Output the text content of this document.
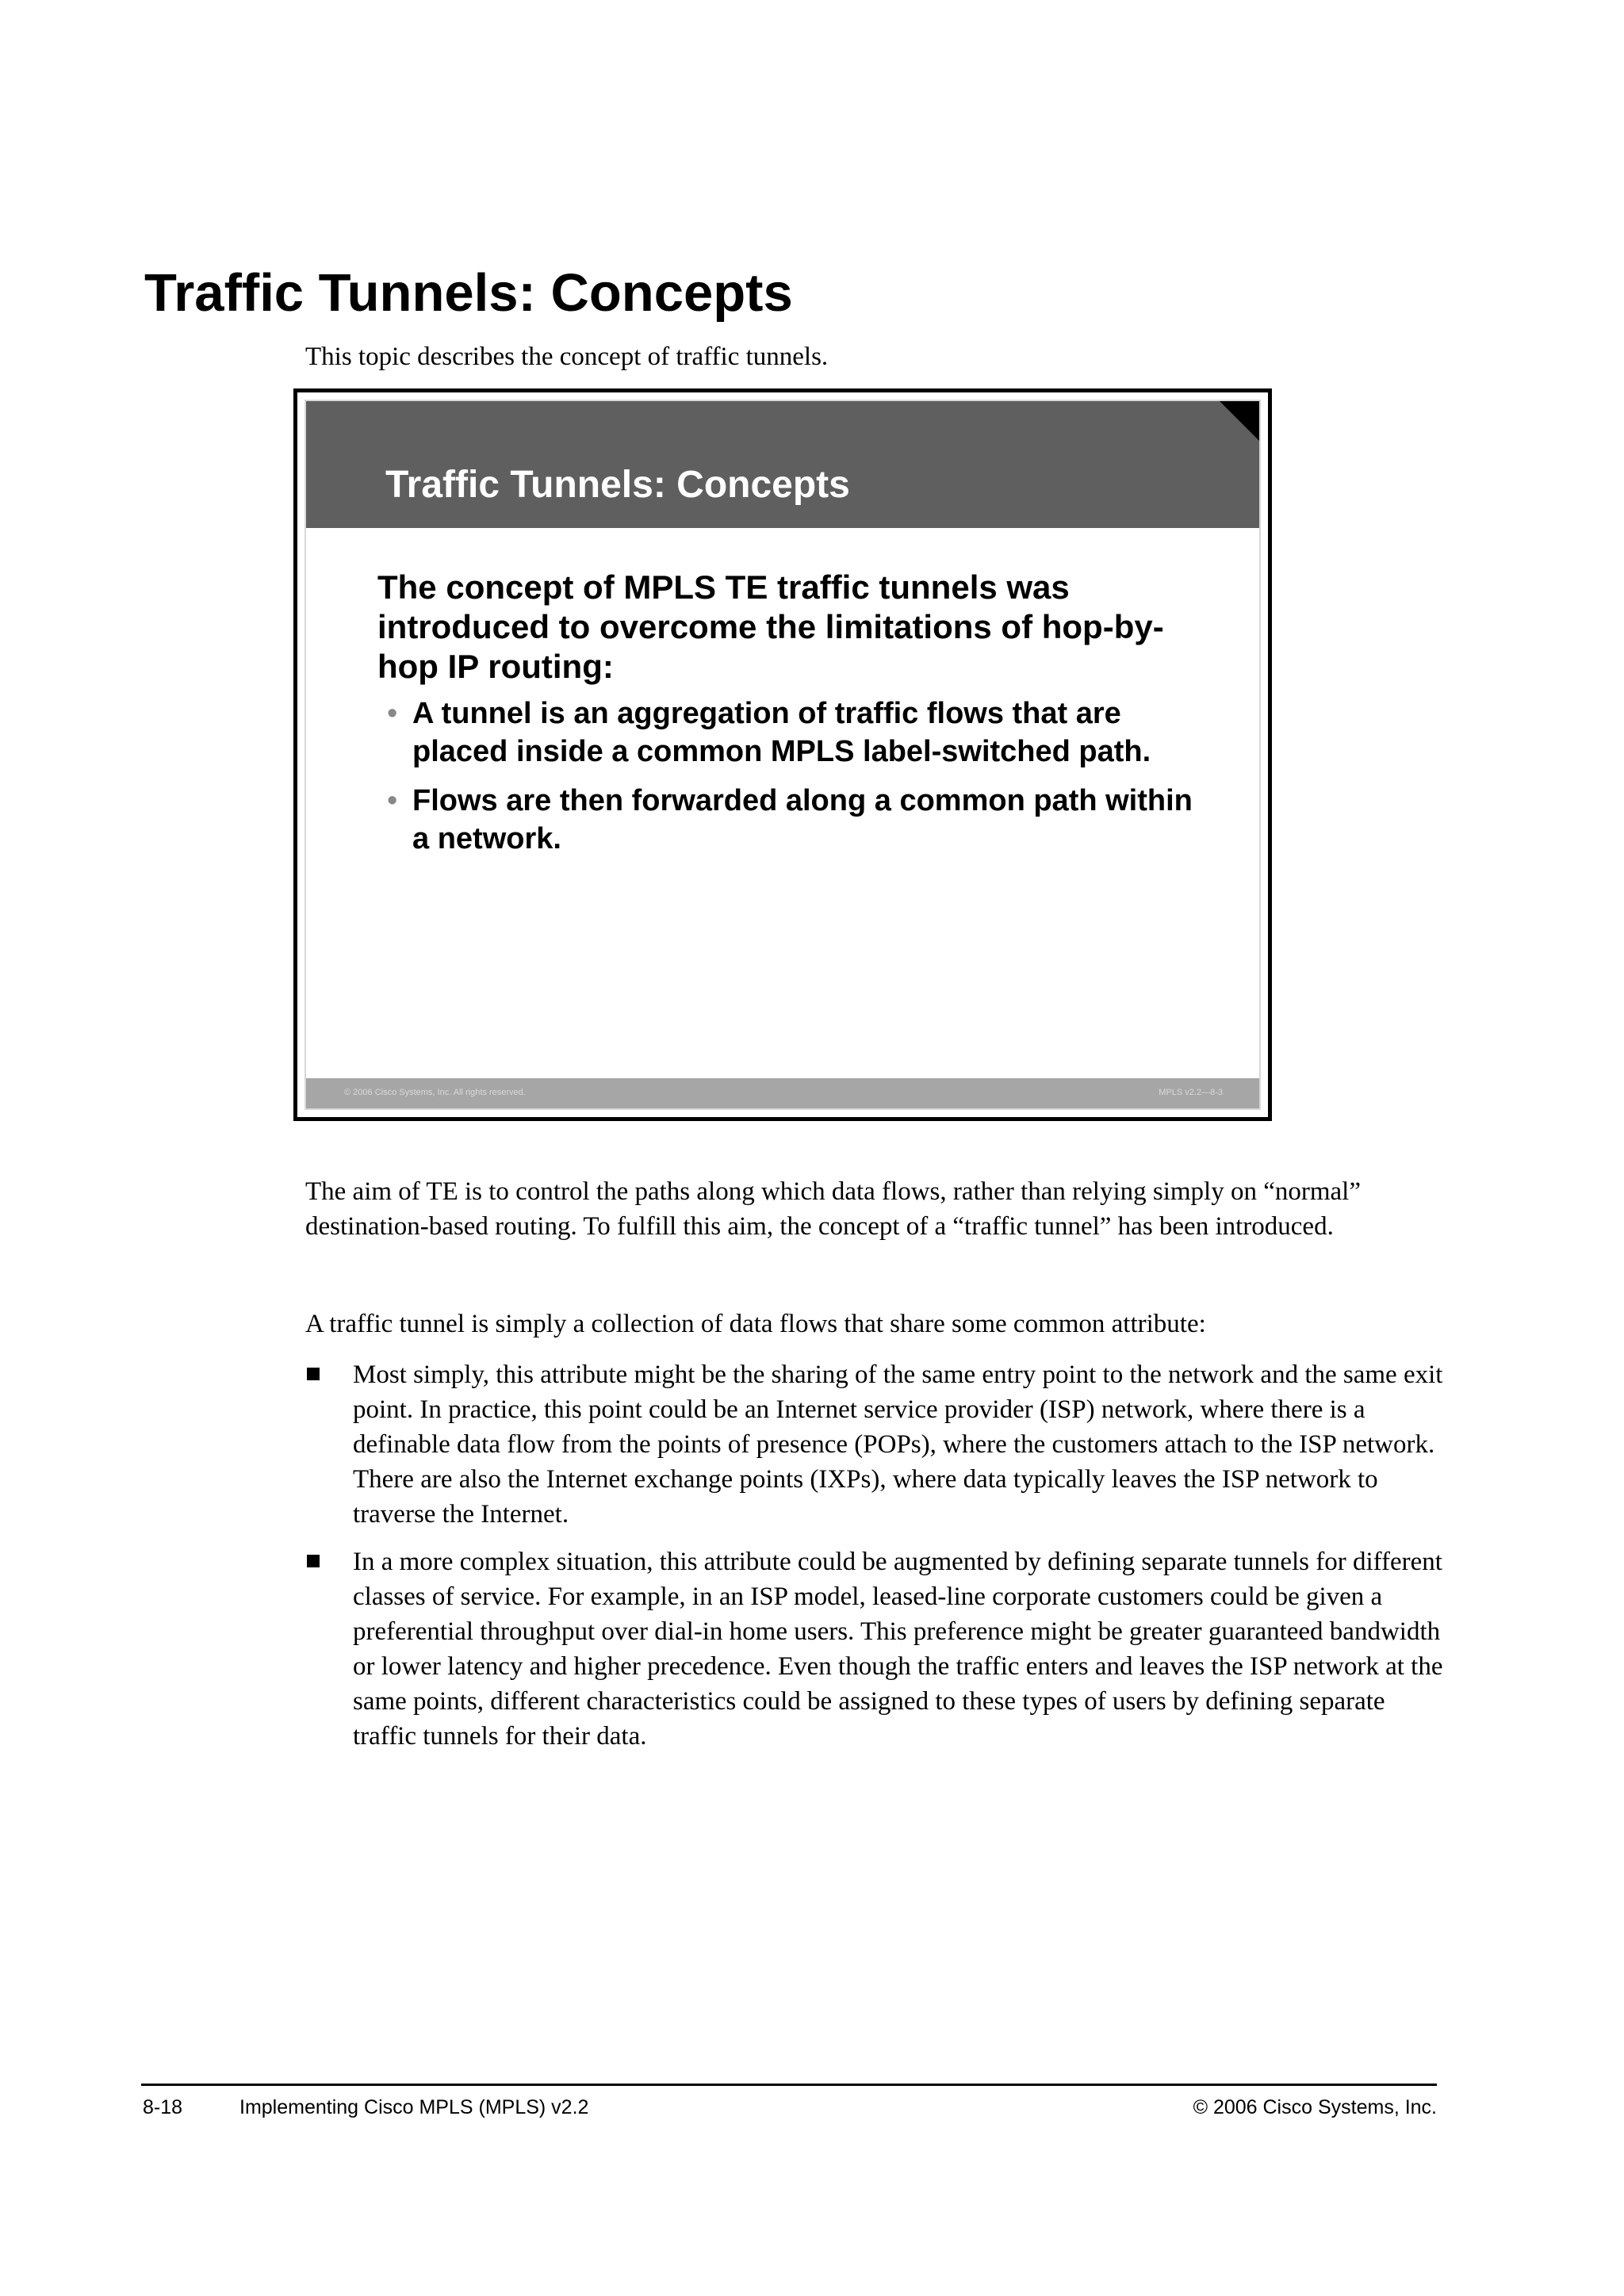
Traffic Tunnels: Concepts

This topic describes the concept of traffic tunnels.

Traffic Tunnels: Concepts

The concept of MPLS TE traffic tunnels was introduced to overcome the limitations of hop-by-hop IP routing:

• A tunnel is an aggregation of traffic flows that are placed inside a common MPLS label-switched path.
• Flows are then forwarded along a common path within a network.
© 2006 Cisco Systems, Inc. All rights reserved.	MPLS v2.2—8-3

The aim of TE is to control the paths along which data flows, rather than relying simply on “normal” destination-based routing. To fulfill this aim, the concept of a “traffic tunnel” has been introduced.

A traffic tunnel is simply a collection of data flows that share some common attribute:

Most simply, this attribute might be the sharing of the same entry point to the network and the same exit point. In practice, this point could be an Internet service provider (ISP) network, where there is a definable data flow from the points of presence (POPs), where the customers attach to the ISP network. There are also the Internet exchange points (IXPs), where data typically leaves the ISP network to traverse the Internet.
In a more complex situation, this attribute could be augmented by defining separate tunnels for different classes of service. For example, in an ISP model, leased-line corporate customers could be given a preferential throughput over dial-in home users. This preference might be greater guaranteed bandwidth or lower latency and higher precedence. Even though the traffic enters and leaves the ISP network at the same points, different characteristics could be assigned to these types of users by defining separate traffic tunnels for their data.
8-18	Implementing Cisco MPLS (MPLS) v2.2	© 2006 Cisco Systems, Inc.
